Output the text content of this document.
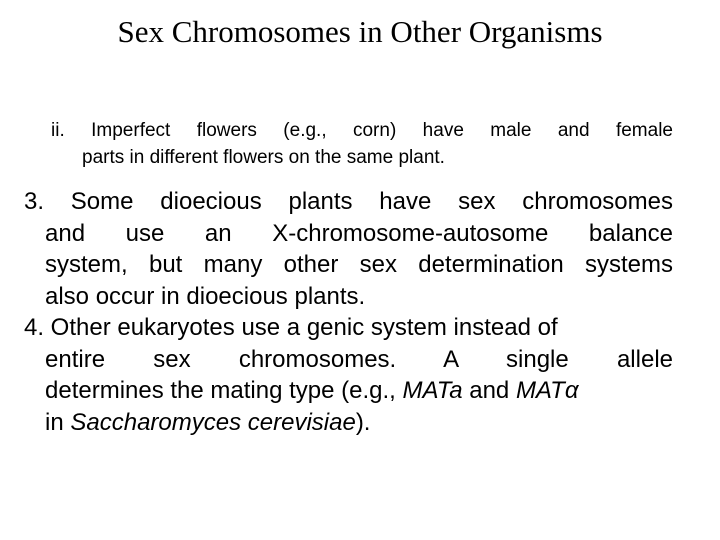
Sex Chromosomes in Other Organisms
ii. Imperfect flowers (e.g., corn) have male and female
parts in different flowers on the same plant.
3. Some dioecious plants have sex chromosomes
and use an X-chromosome-autosome balance
system, but many other sex determination systems
also occur in dioecious plants.
4. Other eukaryotes use a genic system instead of
entire sex chromosomes. A single allele
determines the mating type (e.g., MATa and MATα
in Saccharomyces cerevisiae).
